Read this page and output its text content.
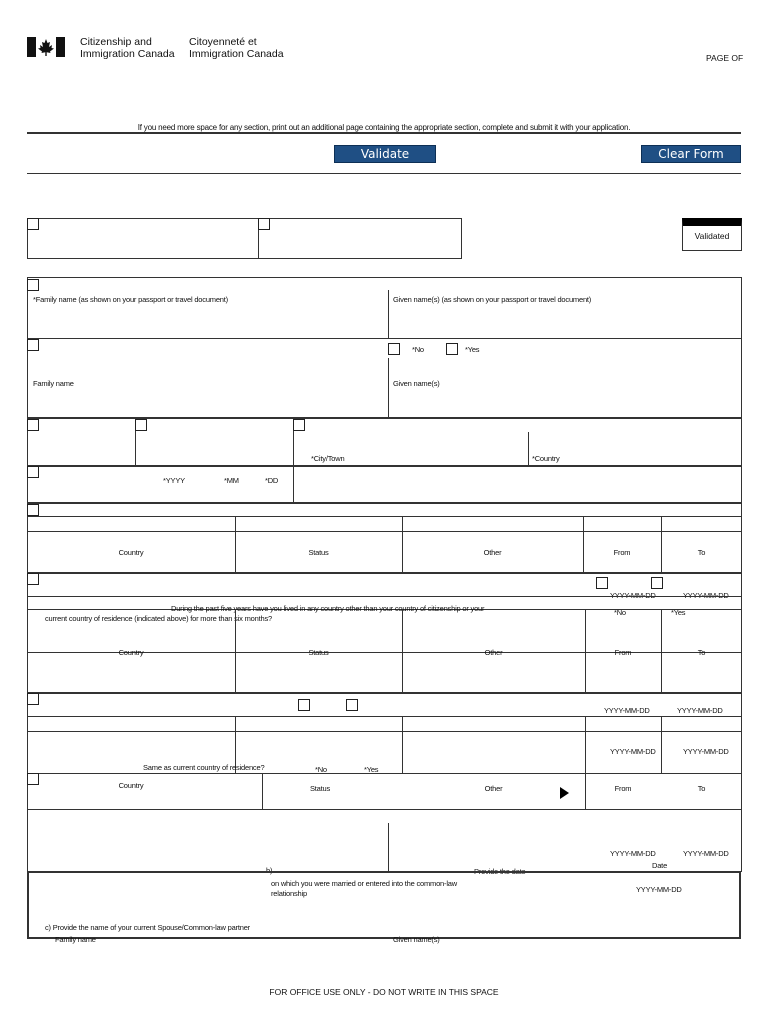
Citizenship and
Immigration Canada
Citoyenneté et
Immigration Canada	PAGE OF
If you need more space for any section, print out an additional page containing the appropriate section, complete and submit it with your application.
Validate	Clear Form
Validated
*Family name (as shown on your passport or travel document)	Given name(s) (as shown on your passport or travel document)
*No	*Yes
Family name	Given name(s)
*City/Town	*Country
*YYYY	*MM	*DD
Country	Status	Other	From	To
YYYY-MM-DD	YYYY-MM-DD
During the past five years have you lived in any country other than your country of citizenship or your
current country of residence (indicated above) for more than six months?
*No	*Yes
Country	Status	Other	From	To
YYYY-MM-DD	YYYY-MM-DD
YYYY-MM-DD	YYYY-MM-DD
Same as current country of residence?	*No	*Yes
Country	Status	Other	From	To
YYYY-MM-DD	YYYY-MM-DD
Date
b)	Provide the date
on which you were married or entered into the common-law
relationship	YYYY-MM-DD
c) Provide the name of your current Spouse/Common-law partner
Family name	Given name(s)
FOR OFFICE USE ONLY - DO NOT WRITE IN THIS SPACE
